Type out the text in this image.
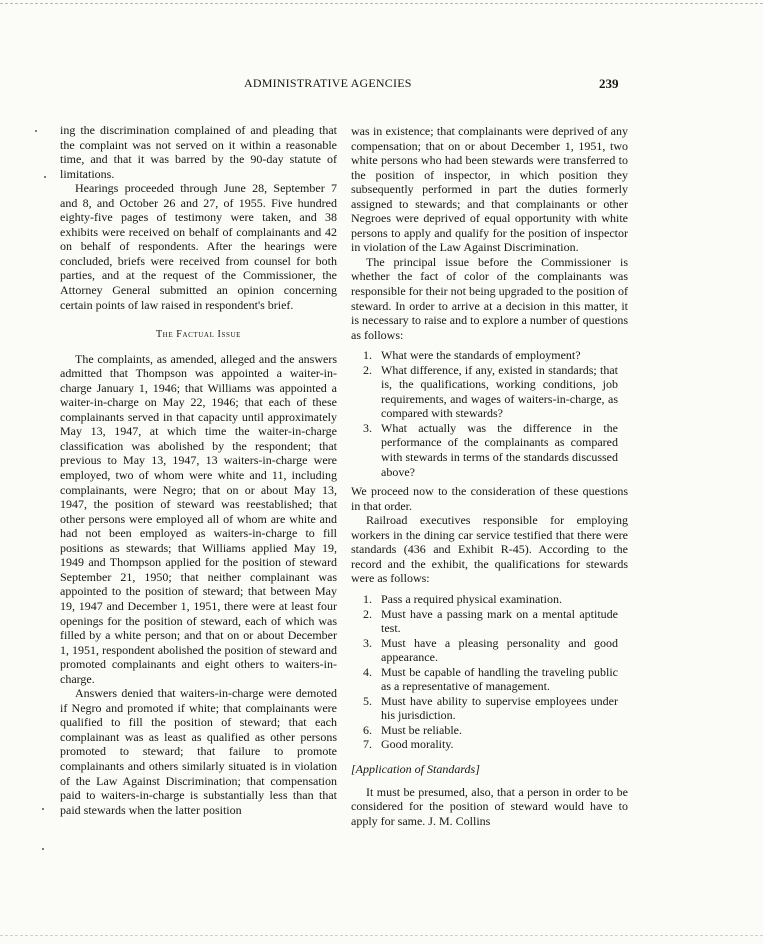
ADMINISTRATIVE AGENCIES	239

ing the discrimination complained of and pleading that the complaint was not served on it within a reasonable time, and that it was barred by the 90-day statute of limitations.

Hearings proceeded through June 28, September 7 and 8, and October 26 and 27, of 1955. Five hundred eighty-five pages of testimony were taken, and 38 exhibits were received on behalf of complainants and 42 on behalf of respondents. After the hearings were concluded, briefs were received from counsel for both parties, and at the request of the Commissioner, the Attorney General submitted an opinion concerning certain points of law raised in respondent's brief.

The Factual Issue

The complaints, as amended, alleged and the answers admitted that Thompson was appointed a waiter-in-charge January 1, 1946; that Williams was appointed a waiter-in-charge on May 22, 1946; that each of these complainants served in that capacity until approximately May 13, 1947, at which time the waiter-in-charge classification was abolished by the respondent; that previous to May 13, 1947, 13 waiters-in-charge were employed, two of whom were white and 11, including complainants, were Negro; that on or about May 13, 1947, the position of steward was reestablished; that other persons were employed all of whom are white and had not been employed as waiters-in-charge to fill positions as stewards; that Williams applied May 19, 1949 and Thompson applied for the position of steward September 21, 1950; that neither complainant was appointed to the position of steward; that between May 19, 1947 and December 1, 1951, there were at least four openings for the position of steward, each of which was filled by a white person; and that on or about December 1, 1951, respondent abolished the position of steward and promoted complainants and eight others to waiters-in-charge.

Answers denied that waiters-in-charge were demoted if Negro and promoted if white; that complainants were qualified to fill the position of steward; that each complainant was as least as qualified as other persons promoted to steward; that failure to promote complainants and others similarly situated is in violation of the Law Against Discrimination; that compensation paid to waiters-in-charge is substantially less than that paid stewards when the latter position

was in existence; that complainants were deprived of any compensation; that on or about December 1, 1951, two white persons who had been stewards were transferred to the position of inspector, in which position they subsequently performed in part the duties formerly assigned to stewards; and that complainants or other Negroes were deprived of equal opportunity with white persons to apply and qualify for the position of inspector in violation of the Law Against Discrimination.

The principal issue before the Commissioner is whether the fact of color of the complainants was responsible for their not being upgraded to the position of steward. In order to arrive at a decision in this matter, it is necessary to raise and to explore a number of questions as follows:

1. What were the standards of employment?
2. What difference, if any, existed in standards; that is, the qualifications, working conditions, job requirements, and wages of waiters-in-charge, as compared with stewards?
3. What actually was the difference in the performance of the complainants as compared with stewards in terms of the standards discussed above?

We proceed now to the consideration of these questions in that order.

Railroad executives responsible for employing workers in the dining car service testified that there were standards (436 and Exhibit R-45). According to the record and the exhibit, the qualifications for stewards were as follows:

1. Pass a required physical examination.
2. Must have a passing mark on a mental aptitude test.
3. Must have a pleasing personality and good appearance.
4. Must be capable of handling the traveling public as a representative of management.
5. Must have ability to supervise employees under his jurisdiction.
6. Must be reliable.
7. Good morality.
[Application of Standards]

It must be presumed, also, that a person in order to be considered for the position of steward would have to apply for same. J. M. Collins
